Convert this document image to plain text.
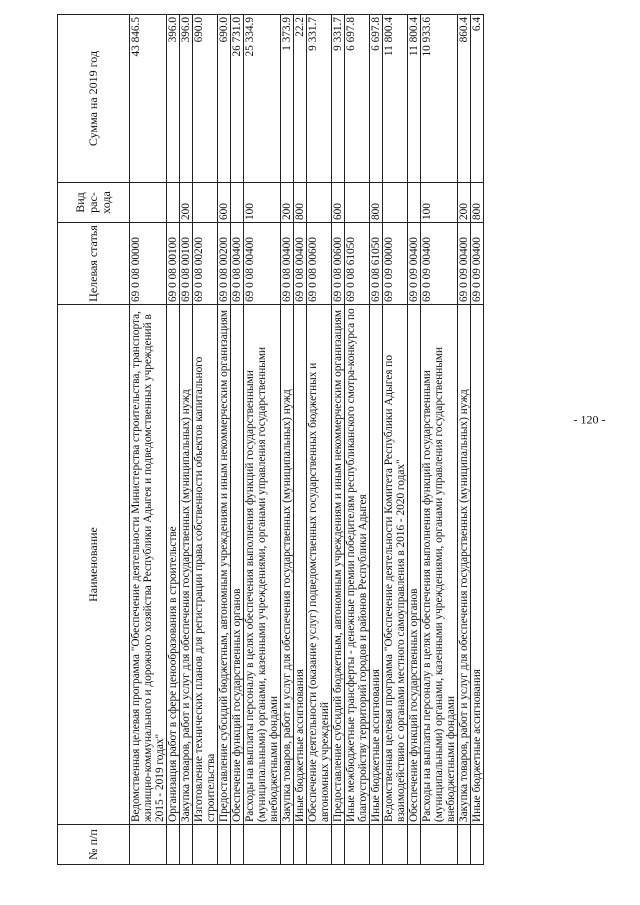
- 120 -
№ п/п	Наименование	Целевая статья	Вид рас- хода	Сумма на 2019 год
	Ведомственная целевая программа "Обеспечение деятельности Министерства строительства, транспорта, жилищно-коммунального и дорожного хозяйства Республики Адыгея и подведомственных учреждений в 2015 - 2019 годах"	69 0 08 00000		43 846.5
	Организация работ в сфере ценообразования в строительстве	69 0 08 00100		396.0
	Закупка товаров, работ и услуг для обеспечения государственных (муниципальных) нужд	69 0 08 00100	200	396.0
	Изготовление технических планов для регистрации права собственности объектов капитального строительства	69 0 08 00200		690.0
	Предоставление субсидий бюджетным, автономным учреждениям и иным некоммерческим организациям	69 0 08 00200	600	690.0
	Обеспечение функций государственных органов	69 0 08 00400		26 731.0
	Расходы на выплаты персоналу в целях обеспечения выполнения функций государственными (муниципальными) органами, казенными учреждениями, органами управления государственными внебюджетными фондами	69 0 08 00400	100	25 334.9
	Закупка товаров, работ и услуг для обеспечения государственных (муниципальных) нужд	69 0 08 00400	200	1 373.9
	Иные бюджетные ассигнования	69 0 08 00400	800	22.2
	Обеспечение деятельности (оказание услуг) подведомственных государственных бюджетных и автономных учреждений	69 0 08 00600		9 331.7
	Предоставление субсидий бюджетным, автономным учреждениям и иным некоммерческим организациям	69 0 08 00600	600	9 331.7
	Иные межбюджетные трансферты - денежные премии победителям республиканского смотра-конкурса по благоустройству территорий городов и районов Республики Адыгея	69 0 08 61050		6 697.8
	Иные бюджетные ассигнования	69 0 08 61050	800	6 697.8
	Ведомственная целевая программа "Обеспечение деятельности Комитета Республики Адыгея по взаимодействию с органами местного самоуправления в 2016 - 2020 годах"	69 0 09 00000		11 800.4
	Обеспечение функций государственных органов	69 0 09 00400		11 800.4
	Расходы на выплаты персоналу в целях обеспечения выполнения функций государственными (муниципальными) органами, казенными учреждениями, органами управления государственными внебюджетными фондами	69 0 09 00400	100	10 933.6
	Закупка товаров, работ и услуг для обеспечения государственных (муниципальных) нужд	69 0 09 00400	200	860.4
	Иные бюджетные ассигнования	69 0 09 00400	800	6.4
